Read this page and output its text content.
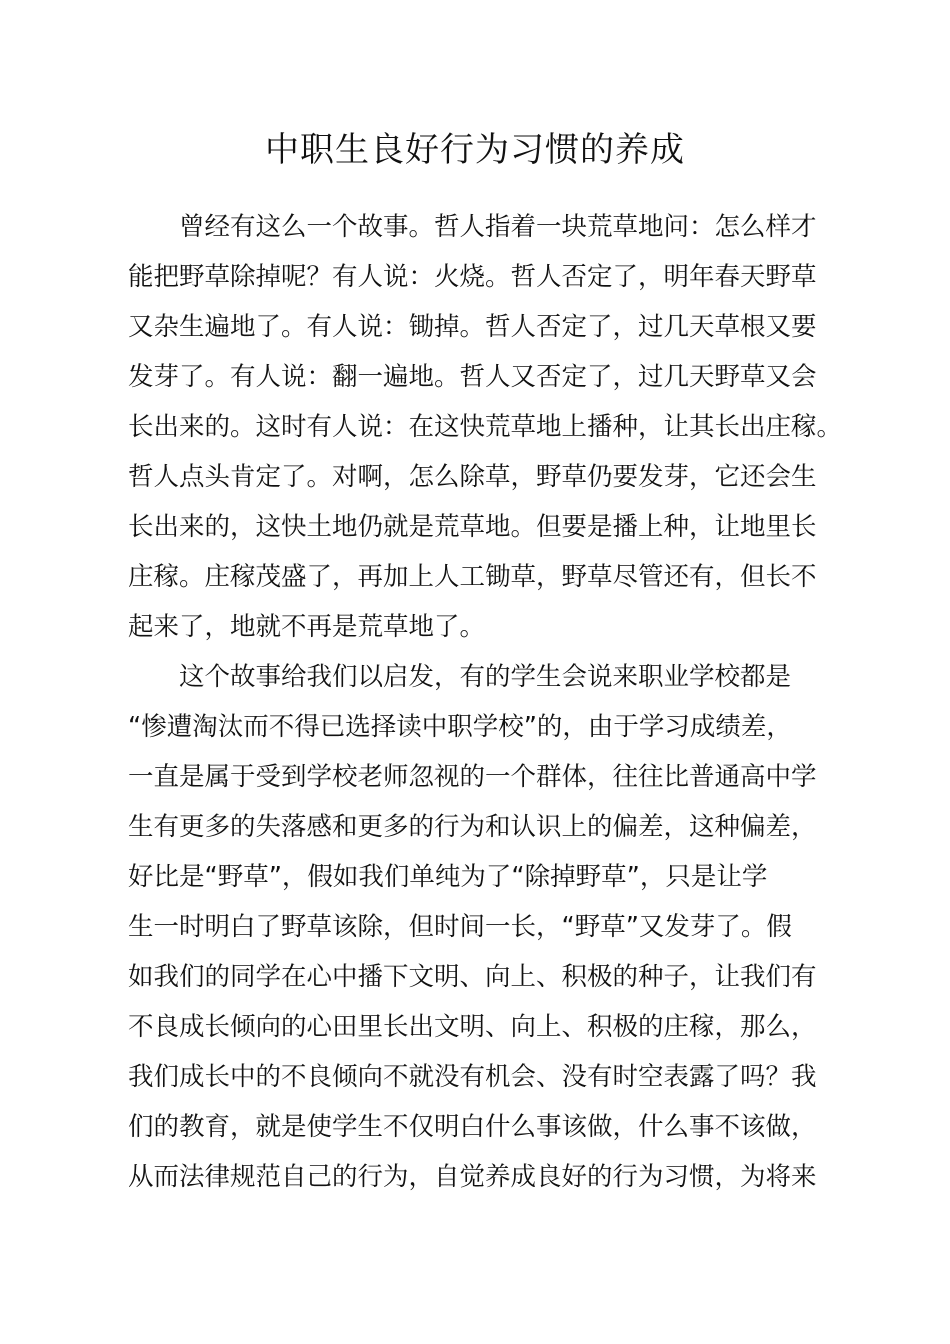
中职生良好行为习惯的养成
曾经有这么一个故事。哲人指着一块荒草地问：怎么样才
能把野草除掉呢？有人说：火烧。哲人否定了，明年春天野草
又杂生遍地了。有人说：锄掉。哲人否定了，过几天草根又要
发芽了。有人说：翻一遍地。哲人又否定了，过几天野草又会
长出来的。这时有人说：在这快荒草地上播种，让其长出庄稼。
哲人点头肯定了。对啊，怎么除草，野草仍要发芽，它还会生
长出来的，这快土地仍就是荒草地。但要是播上种，让地里长
庄稼。庄稼茂盛了，再加上人工锄草，野草尽管还有，但长不
起来了，地就不再是荒草地了。
这个故事给我们以启发，有的学生会说来职业学校都是
“惨遭淘汰而不得已选择读中职学校”的，由于学习成绩差，
一直是属于受到学校老师忽视的一个群体，往往比普通高中学
生有更多的失落感和更多的行为和认识上的偏差，这种偏差，
好比是“野草”，假如我们单纯为了“除掉野草”，只是让学
生一时明白了野草该除，但时间一长，“野草”又发芽了。假
如我们的同学在心中播下文明、向上、积极的种子，让我们有
不良成长倾向的心田里长出文明、向上、积极的庄稼，那么，
我们成长中的不良倾向不就没有机会、没有时空表露了吗？我
们的教育，就是使学生不仅明白什么事该做，什么事不该做，
从而法律规范自己的行为，自觉养成良好的行为习惯，为将来
